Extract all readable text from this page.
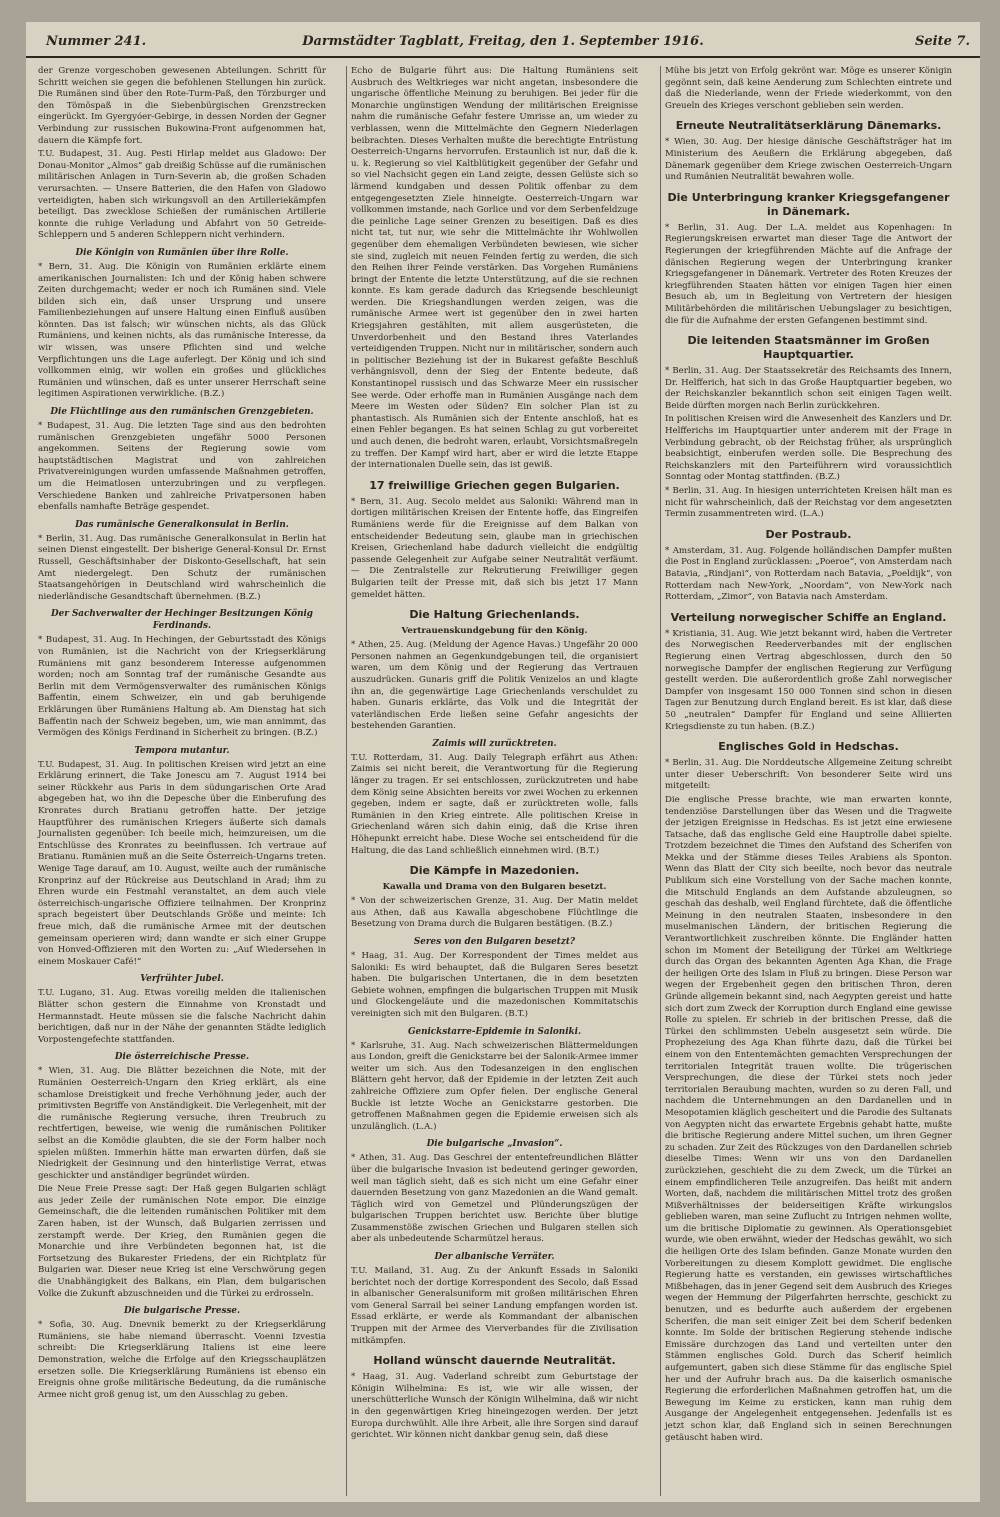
Nummer 241.	Darmstädter Tagblatt, Freitag, den 1. September 1916.	Seite 7.

der Grenze vorgeschoben gewesenen Abteilungen. Schritt für Schritt weichen sie gegen die befohlenen Stellungen hin zurück. Die Rumänen sind über den Rote-Turm-Paß, den Törzburger und den Tömöspaß in die Siebenbürgischen Grenzstrecken eingerückt. Im Gyergyóer-Gebirge, in dessen Norden der Gegner Verbindung zur russischen Bukowina-Front aufgenommen hat, dauern die Kämpfe fort.

T.U. Budapest, 31. Aug. Pesti Hirlap meldet aus Gladowo: Der Donau-Monitor „Almos“ gab dreißig Schüsse auf die rumänischen militärischen Anlagen in Turn-Severin ab, die großen Schaden verursachten. — Unsere Batterien, die den Hafen von Gladowo verteidigten, haben sich wirkungsvoll an den Artilleriekämpfen beteiligt. Das zwecklose Schießen der rumänischen Artillerie konnte die ruhige Verladung und Abfahrt von 50 Getreide-Schleppern und 5 anderen Schleppern nicht verhindern.

Die Königin von Rumänien über ihre Rolle.

* Bern, 31. Aug. Die Königin von Rumänien erklärte einem amerikanischen Journalisten: Ich und der König haben schwere Zeiten durchgemacht; weder er noch ich Rumänen sind. Viele bilden sich ein, daß unser Ursprung und unsere Familienbeziehungen auf unsere Haltung einen Einfluß ausüben könnten. Das ist falsch; wir wünschen nichts, als das Glück Rumäniens, und keinen nichts, als das rumänische Interesse, da wir wissen, was unsere Pflichten sind und welche Verpflichtungen uns die Lage auferlegt. Der König und ich sind vollkommen einig, wir wollen ein großes und glückliches Rumänien und wünschen, daß es unter unserer Herrschaft seine legitimen Aspirationen verwirkliche. (B.Z.)

Die Flüchtlinge aus den rumänischen Grenzgebieten.

* Budapest, 31. Aug. Die letzten Tage sind aus den bedrohten rumänischen Grenzgebieten ungefähr 5000 Personen angekommen. Seitens der Regierung sowie vom hauptstädtischen Magistrat und von zahlreichen Privatvereinigungen wurden umfassende Maßnahmen getroffen, um die Heimatlosen unterzubringen und zu verpflegen. Verschiedene Banken und zahlreiche Privatpersonen haben ebenfalls namhafte Beträge gespendet.

Das rumänische Generalkonsulat in Berlin.

* Berlin, 31. Aug. Das rumänische Generalkonsulat in Berlin hat seinen Dienst eingestellt. Der bisherige General-Konsul Dr. Ernst Russell, Geschäftsinhaber der Diskonto-Gesellschaft, hat sein Amt niedergelegt. Den Schutz der rumänischen Staatsangehörigen in Deutschland wird wahrscheinlich die niederländische Gesandtschaft übernehmen. (B.Z.)

Der Sachverwalter der Hechinger Besitzungen König Ferdinands.

* Budapest, 31. Aug. In Hechingen, der Geburtsstadt des Königs von Rumänien, ist die Nachricht von der Kriegserklärung Rumäniens mit ganz besonderem Interesse aufgenommen worden; noch am Sonntag traf der rumänische Gesandte aus Berlin mit dem Vermögensverwalter des rumänischen Königs Baffentin, einem Schweizer, ein und gab beruhigende Erklärungen über Rumäniens Haltung ab. Am Dienstag hat sich Baffentin nach der Schweiz begeben, um, wie man annimmt, das Vermögen des Königs Ferdinand in Sicherheit zu bringen. (B.Z.)

Tempora mutantur.

T.U. Budapest, 31. Aug. In politischen Kreisen wird jetzt an eine Erklärung erinnert, die Take Jonescu am 7. August 1914 bei seiner Rückkehr aus Paris in dem südungarischen Orte Arad abgegeben hat, wo ihn die Depesche über die Einberufung des Kronrates durch Bratianu getroffen hatte. Der jetzige Hauptführer des rumänischen Kriegers äußerte sich damals Journalisten gegenüber: Ich beeile mich, heimzureisen, um die Entschlüsse des Kronrates zu beeinflussen. Ich vertraue auf Bratianu. Rumänien muß an die Seite Österreich-Ungarns treten. Wenige Tage darauf, am 10. August, weilte auch der rumänische Kronprinz auf der Rückreise aus Deutschland in Arad; ihm zu Ehren wurde ein Festmahl veranstaltet, an dem auch viele österreichisch-ungarische Offiziere teilnahmen. Der Kronprinz sprach begeistert über Deutschlands Größe und meinte: Ich freue mich, daß die rumänische Armee mit der deutschen gemeinsam operieren wird; dann wandte er sich einer Gruppe von Honved-Offizieren mit den Worten zu: „Auf Wiedersehen in einem Moskauer Café!“

Verfrühter Jubel.

T.U. Lugano, 31. Aug. Etwas voreilig melden die italienischen Blätter schon gestern die Einnahme von Kronstadt und Hermannstadt. Heute müssen sie die falsche Nachricht dahin berichtigen, daß nur in der Nähe der genannten Städte lediglich Vorpostengefechte stattfanden.

Die österreichische Presse.

* Wien, 31. Aug. Die Blätter bezeichnen die Note, mit der Rumänien Oesterreich-Ungarn den Krieg erklärt, als eine schamlose Dreistigkeit und freche Verhöhnung jeder, auch der primitivsten Begriffe von Anständigkeit. Die Verlegenheit, mit der die rumänische Regierung versuche, ihren Treubruch zu rechtfertigen, beweise, wie wenig die rumänischen Politiker selbst an die Komödie glaubten, die sie der Form halber noch spielen müßten. Immerhin hätte man erwarten dürfen, daß sie Niedrigkeit der Gesinnung und den hinterlistige Verrat, etwas geschickter und anständiger begründet würden.

Die Neue Freie Presse sagt: Der Haß gegen Bulgarien schlägt aus jeder Zeile der rumänischen Note empor. Die einzige Gemeinschaft, die die leitenden rumänischen Politiker mit dem Zaren haben, ist der Wunsch, daß Bulgarien zerrissen und zerstampft werde. Der Krieg, den Rumänien gegen die Monarchie und ihre Verbündeten begonnen hat, ist die Fortsetzung des Bukarester Friedens, der ein Richtplatz für Bulgarien war. Dieser neue Krieg ist eine Verschwörung gegen die Unabhängigkeit des Balkans, ein Plan, dem bulgarischen Volke die Zukunft abzuschneiden und die Türkei zu erdrosseln.

Die bulgarische Presse.

* Sofia, 30. Aug. Dnevnik bemerkt zu der Kriegserklärung Rumäniens, sie habe niemand überrascht. Voenni Izvestia schreibt: Die Kriegserklärung Italiens ist eine leere Demonstration, welche die Erfolge auf den Kriegsschauplätzen ersetzen solle. Die Kriegserklärung Rumäniens ist ebenso ein Ereignis ohne große militärische Bedeutung, da die rumänische Armee nicht groß genug ist, um den Ausschlag zu geben.

Echo de Bulgarie führt aus: Die Haltung Rumäniens seit Ausbruch des Weltkrieges war nicht angetan, insbesondere die ungarische öffentliche Meinung zu beruhigen. Bei jeder für die Monarchie ungünstigen Wendung der militärischen Ereignisse nahm die rumänische Gefahr festere Umrisse an, um wieder zu verblassen, wenn die Mittelmächte den Gegnern Niederlagen beibrachten. Dieses Verhalten mußte die berechtigte Entrüstung Oesterreich-Ungarns hervorrufen. Erstaunlich ist nur, daß die k. u. k. Regierung so viel Kaltblütigkeit gegenüber der Gefahr und so viel Nachsicht gegen ein Land zeigte, dessen Gelüste sich so lärmend kundgaben und dessen Politik offenbar zu dem entgegengesetzten Ziele hinneigte. Oesterreich-Ungarn war vollkommen imstande, nach Gorlice und vor dem Serbenfeldzuge die peinliche Lage seiner Grenzen zu beseitigen. Daß es dies nicht tat, tut nur, wie sehr die Mittelmächte ihr Wohlwollen gegenüber dem ehemaligen Verbündeten bewiesen, wie sicher sie sind, zugleich mit neuen Feinden fertig zu werden, die sich den Reihen ihrer Feinde verstärken. Das Vorgehen Rumäniens bringt der Entente die letzte Unterstützung, auf die sie rechnen konnte. Es kam gerade dadurch das Kriegsende beschleunigt werden. Die Kriegshandlungen werden zeigen, was die rumänische Armee wert ist gegenüber den in zwei harten Kriegsjahren gestählten, mit allem ausgerüsteten, die Unverdorbenheit und den Bestand ihres Vaterlandes verteidigenden Truppen. Nicht nur in militärischer, sondern auch in politischer Beziehung ist der in Bukarest gefaßte Beschluß verhängnisvoll, denn der Sieg der Entente bedeute, daß Konstantinopel russisch und das Schwarze Meer ein russischer See werde. Oder erhoffe man in Rumänien Ausgänge nach dem Meere im Westen oder Süden? Ein solcher Plan ist zu phantastisch. Als Rumänien sich der Entente anschloß, hat es einen Fehler begangen. Es hat seinen Schlag zu gut vorbereitet und auch denen, die bedroht waren, erlaubt, Vorsichtsmaßregeln zu treffen. Der Kampf wird hart, aber er wird die letzte Etappe der internationalen Duelle sein, das ist gewiß.

17 freiwillige Griechen gegen Bulgarien.

* Bern, 31. Aug. Secolo meldet aus Saloniki: Während man in dortigen militärischen Kreisen der Entente hoffe, das Eingreifen Rumäniens werde für die Ereignisse auf dem Balkan von entscheidender Bedeutung sein, glaube man in griechischen Kreisen, Griechenland habe dadurch vielleicht die endgültig passende Gelegenheit zur Aufgabe seiner Neutralität verfäumt. — Die Zentralstelle zur Rekrutierung Freiwilliger gegen Bulgarien teilt der Presse mit, daß sich bis jetzt 17 Mann gemeldet hätten.

Die Haltung Griechenlands.
Vertrauenskundgebung für den König.

* Athen, 25. Aug. (Meldung der Agence Havas.) Ungefähr 20 000 Personen nahmen an Gegenkundgebungen teil, die organisiert waren, um dem König und der Regierung das Vertrauen auszudrücken. Gunaris griff die Politik Venizelos an und klagte ihn an, die gegenwärtige Lage Griechenlands verschuldet zu haben. Gunaris erklärte, das Volk und die Integrität der vaterländischen Erde ließen seine Gefahr angesichts der bestehenden Garantien.

Zaimis will zurücktreten.

T.U. Rotterdam, 31. Aug. Daily Telegraph erfährt aus Athen: Zaimis sei nicht bereit, die Verantwortung für die Regierung länger zu tragen. Er sei entschlossen, zurückzutreten und habe dem König seine Absichten bereits vor zwei Wochen zu erkennen gegeben, indem er sagte, daß er zurücktreten wolle, falls Rumänien in den Krieg eintrete. Alle politischen Kreise in Griechenland wären sich dahin einig, daß die Krise ihren Höhepunkt erreicht habe. Diese Woche sei entscheidend für die Haltung, die das Land schließlich einnehmen wird. (B.T.)

Die Kämpfe in Mazedonien.
Kawalla und Drama von den Bulgaren besetzt.

* Von der schweizerischen Grenze, 31. Aug. Der Matin meldet aus Athen, daß aus Kawalla abgeschobene Flüchtlinge die Besetzung von Drama durch die Bulgaren bestätigen. (B.Z.)

Seres von den Bulgaren besetzt?

* Haag, 31. Aug. Der Korrespondent der Times meldet aus Saloniki: Es wird behauptet, daß die Bulgaren Seres besetzt haben. Die bulgarischen Untertanen, die in dem besetzten Gebiete wohnen, empfingen die bulgarischen Truppen mit Musik und Glockengeläute und die mazedonischen Kommitatschis vereinigten sich mit den Bulgaren. (B.T.)

Genickstarre-Epidemie in Saloniki.

* Karlsruhe, 31. Aug. Nach schweizerischen Blättermeldungen aus London, greift die Genickstarre bei der Salonik-Armee immer weiter um sich. Aus den Todesanzeigen in den englischen Blättern geht hervor, daß der Epidemie in der letzten Zeit auch zahlreiche Offiziere zum Opfer fielen. Der englische General Buckle ist letzte Woche an Genickstarre gestorben. Die getroffenen Maßnahmen gegen die Epidemie erweisen sich als unzulänglich. (L.A.)

Die bulgarische „Invasion“.

* Athen, 31. Aug. Das Geschrei der ententefreundlichen Blätter über die bulgarische Invasion ist bedeutend geringer geworden, weil man täglich sieht, daß es sich nicht um eine Gefahr einer dauernden Besetzung von ganz Mazedonien an die Wand gemalt. Täglich wird von Gemetzel und Plünderungszügen der bulgarischen Truppen berichtet usw. Berichte über blutige Zusammenstöße zwischen Griechen und Bulgaren stellen sich aber als unbedeutende Scharmützel heraus.

Der albanische Verräter.

T.U. Mailand, 31. Aug. Zu der Ankunft Essads in Saloniki berichtet noch der dortige Korrespondent des Secolo, daß Essad in albanischer Generalsuniform mit großen militärischen Ehren vom General Sarrail bei seiner Landung empfangen worden ist. Essad erklärte, er werde als Kommandant der albanischen Truppen mit der Armee des Vierverbandes für die Zivilisation mitkämpfen.

Holland wünscht dauernde Neutralität.

* Haag, 31. Aug. Vaderland schreibt zum Geburtstage der Königin Wilhelmina: Es ist, wie wir alle wissen, der unerschütterliche Wunsch der Königin Wilhelmina, daß wir nicht in den gegenwärtigen Krieg hineingezogen werden. Der jetzt Europa durchwühlt. Alle ihre Arbeit, alle ihre Sorgen sind darauf gerichtet. Wir können nicht dankbar genug sein, daß diese

Mühe bis jetzt von Erfolg gekrönt war. Möge es unserer Königin gegönnt sein, daß keine Aenderung zum Schlechten eintrete und daß die Niederlande, wenn der Friede wiederkommt, von den Greueln des Krieges verschont geblieben sein werden.

Erneute Neutralitätserklärung Dänemarks.

* Wien, 30. Aug. Der hiesige dänische Geschäftsträger hat im Ministerium des Aeußern die Erklärung abgegeben, daß Dänemark gegenüber dem Kriege zwischen Oesterreich-Ungarn und Rumänien Neutralität bewahren wolle.

Die Unterbringung kranker Kriegsgefangener in Dänemark.

* Berlin, 31. Aug. Der L.A. meldet aus Kopenhagen: In Regierungskreisen erwartet man dieser Tage die Antwort der Regierungen der kriegführenden Mächte auf die Anfrage der dänischen Regierung wegen der Unterbringung kranker Kriegsgefangener in Dänemark. Vertreter des Roten Kreuzes der kriegführenden Staaten hätten vor einigen Tagen hier einen Besuch ab, um in Begleitung von Vertretern der hiesigen Militärbehörden die militärischen Uebungslager zu besichtigen, die für die Aufnahme der ersten Gefangenen bestimmt sind.

Die leitenden Staatsmänner im Großen Hauptquartier.

* Berlin, 31. Aug. Der Staatssekretär des Reichsamts des Innern, Dr. Helfferich, hat sich in das Große Hauptquartier begeben, wo der Reichskanzler bekanntlich schon seit einigen Tagen weilt. Beide dürften morgen nach Berlin zurückkehren.

In politischen Kreisen wird die Anwesenheit des Kanzlers und Dr. Helfferichs im Hauptquartier unter anderem mit der Frage in Verbindung gebracht, ob der Reichstag früher, als ursprünglich beabsichtigt, einberufen werden solle. Die Besprechung des Reichskanzlers mit den Parteiführern wird voraussichtlich Sonntag oder Montag stattfinden. (B.Z.)

* Berlin, 31. Aug. In hiesigen unterrichteten Kreisen hält man es nicht für wahrscheinlich, daß der Reichstag vor dem angesetzten Termin zusammentreten wird. (L.A.)

Der Postraub.

* Amsterdam, 31. Aug. Folgende holländischen Dampfer mußten die Post in England zurücklassen: „Poeroe“, von Amsterdam nach Batavia, „Rindjani“, von Rotterdam nach Batavia, „Poeldijk“, von Rotterdam nach New-York, „Noordam“, von New-York nach Rotterdam, „Zimor“, von Batavia nach Amsterdam.

Verteilung norwegischer Schiffe an England.

* Kristiania, 31. Aug. Wie jetzt bekannt wird, haben die Vertreter des Norwegischen Reederverbandes mit der englischen Regierung einen Vertrag abgeschlossen, durch den 50 norwegische Dampfer der englischen Regierung zur Verfügung gestellt werden. Die außerordentlich große Zahl norwegischer Dampfer von insgesamt 150 000 Tonnen sind schon in diesen Tagen zur Benutzung durch England bereit. Es ist klar, daß diese 50 „neutralen“ Dampfer für England und seine Alliierten Kriegsdienste zu tun haben. (B.Z.)

Englisches Gold in Hedschas.

* Berlin, 31. Aug. Die Norddeutsche Allgemeine Zeitung schreibt unter dieser Ueberschrift: Von besonderer Seite wird uns mitgeteilt:

Die englische Presse brachte, wie man erwarten konnte, tendenziöse Darstellungen über das Wesen und die Tragweite der jetzigen Ereignisse in Hedschas. Es ist jetzt eine erwiesene Tatsache, daß das englische Geld eine Hauptrolle dabei spielte. Trotzdem bezeichnet die Times den Aufstand des Scherifen von Mekka und der Stämme dieses Teiles Arabiens als Sponton. Wenn das Blatt der City sich beeilte, noch bevor das neutrale Publikum sich eine Vorstellung von der Sache machen konnte, die Mitschuld Englands an dem Aufstande abzuleugnen, so geschah das deshalb, weil England fürchtete, daß die öffentliche Meinung in den neutralen Staaten, insbesondere in den muselmanischen Ländern, der britischen Regierung die Verantwortlichkeit zuschreiben könnte. Die Engländer hatten schon im Moment der Beteiligung der Türkei am Weltkriege durch das Organ des bekannten Agenten Aga Khan, die Frage der heiligen Orte des Islam in Fluß zu bringen. Diese Person war wegen der Ergebenheit gegen den britischen Thron, deren Gründe allgemein bekannt sind, nach Aegypten gereist und hatte sich dort zum Zweck der Korruption durch England eine gewisse Rolle zu spielen. Er schrieb in der britischen Presse, daß die Türkei den schlimmsten Uebeln ausgesetzt sein würde. Die Prophezeiung des Aga Khan führte dazu, daß die Türkei bei einem von den Ententemächten gemachten Versprechungen der territorialen Integrität trauen wollte. Die trügerischen Versprechungen, die diese der Türkei stets noch jeder territorialen Beraubung machten, wurden so zu deren Fall, und nachdem die Unternehmungen an den Dardanellen und in Mesopotamien kläglich gescheitert und die Parodie des Sultanats von Aegypten nicht das erwartete Ergebnis gehabt hatte, mußte die britische Regierung andere Mittel suchen, um ihren Gegner zu schaden. Zur Zeit des Rückzuges von den Dardanellen schrieb dieselbe Times: Wenn wir uns von den Dardanellen zurückziehen, geschieht die zu dem Zweck, um die Türkei an einem empfindlicheren Teile anzugreifen. Das heißt mit andern Worten, daß, nachdem die militärischen Mittel trotz des großen Mißverhältnisses der beiderseitigen Kräfte wirkungslos geblieben waren, man seine Zuflucht zu Intrigen nehmen wollte, um die britische Diplomatie zu gewinnen. Als Operationsgebiet wurde, wie oben erwähnt, wieder der Hedschas gewählt, wo sich die heiligen Orte des Islam befinden. Ganze Monate wurden den Vorbereitungen zu diesem Komplott gewidmet. Die englische Regierung hatte es verstanden, ein gewisses wirtschaftliches Mißbehagen, das in jener Gegend seit dem Ausbruch des Krieges wegen der Hemmung der Pilgerfahrten herrschte, geschickt zu benutzen, und es bedurfte auch außerdem der ergebenen Scherifen, die man seit einiger Zeit bei dem Scherif bedenken konnte. Im Solde der britischen Regierung stehende indische Emissäre durchzogen das Land und verteilten unter den Stämmen englisches Gold. Durch das Scherif heimlich aufgemuntert, gaben sich diese Stämme für das englische Spiel her und der Aufruhr brach aus. Da die kaiserlich osmanische Regierung die erforderlichen Maßnahmen getroffen hat, um die Bewegung im Keime zu ersticken, kann man ruhig dem Ausgange der Angelegenheit entgegensehen. Jedenfalls ist es jetzt schon klar, daß England sich in seinen Berechnungen getäuscht haben wird.
